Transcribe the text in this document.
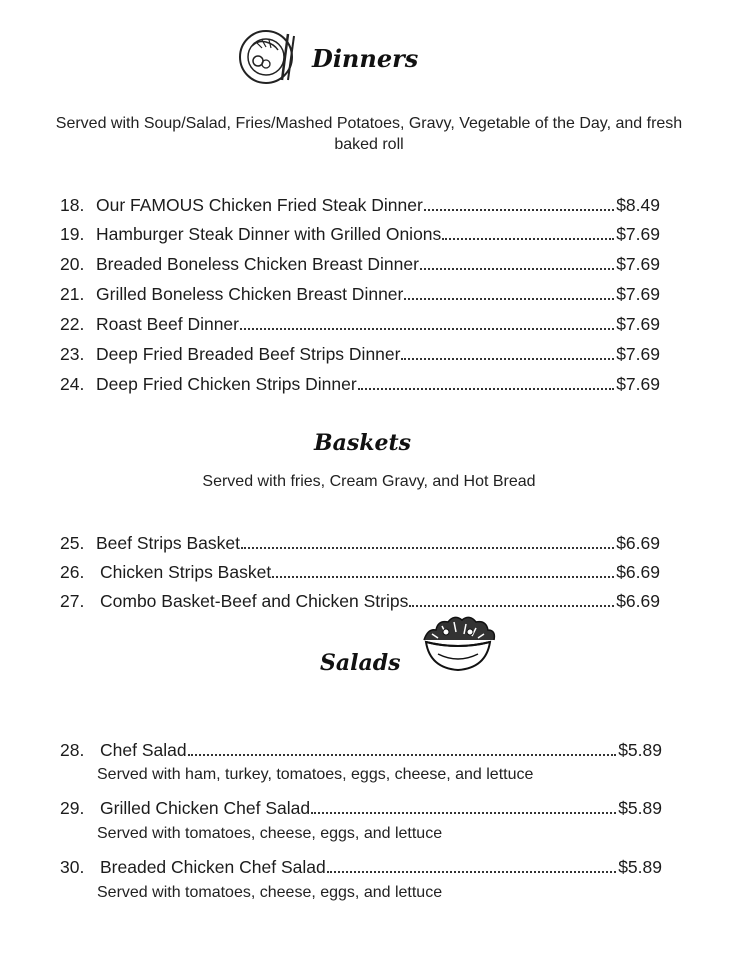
Dinners
Served with Soup/Salad, Fries/Mashed Potatoes, Gravy, Vegetable of the Day, and fresh baked roll
18. Our FAMOUS Chicken Fried Steak Dinner	$8.49
19. Hamburger Steak Dinner with Grilled Onions	$7.69
20. Breaded Boneless Chicken Breast Dinner	$7.69
21. Grilled Boneless Chicken Breast Dinner	$7.69
22. Roast Beef Dinner	$7.69
23. Deep Fried Breaded Beef Strips Dinner	$7.69
24. Deep Fried Chicken Strips Dinner	$7.69
Baskets
Served with fries, Cream Gravy, and Hot Bread
25. Beef Strips Basket	$6.69
26. Chicken Strips Basket	$6.69
27. Combo Basket-Beef and Chicken Strips	$6.69
Salads
28. Chef Salad	$5.89
Served with ham, turkey, tomatoes, eggs, cheese, and lettuce
29. Grilled Chicken Chef Salad	$5.89
Served with tomatoes, cheese, eggs, and lettuce
30. Breaded Chicken Chef Salad	$5.89
Served with tomatoes, cheese, eggs, and lettuce
